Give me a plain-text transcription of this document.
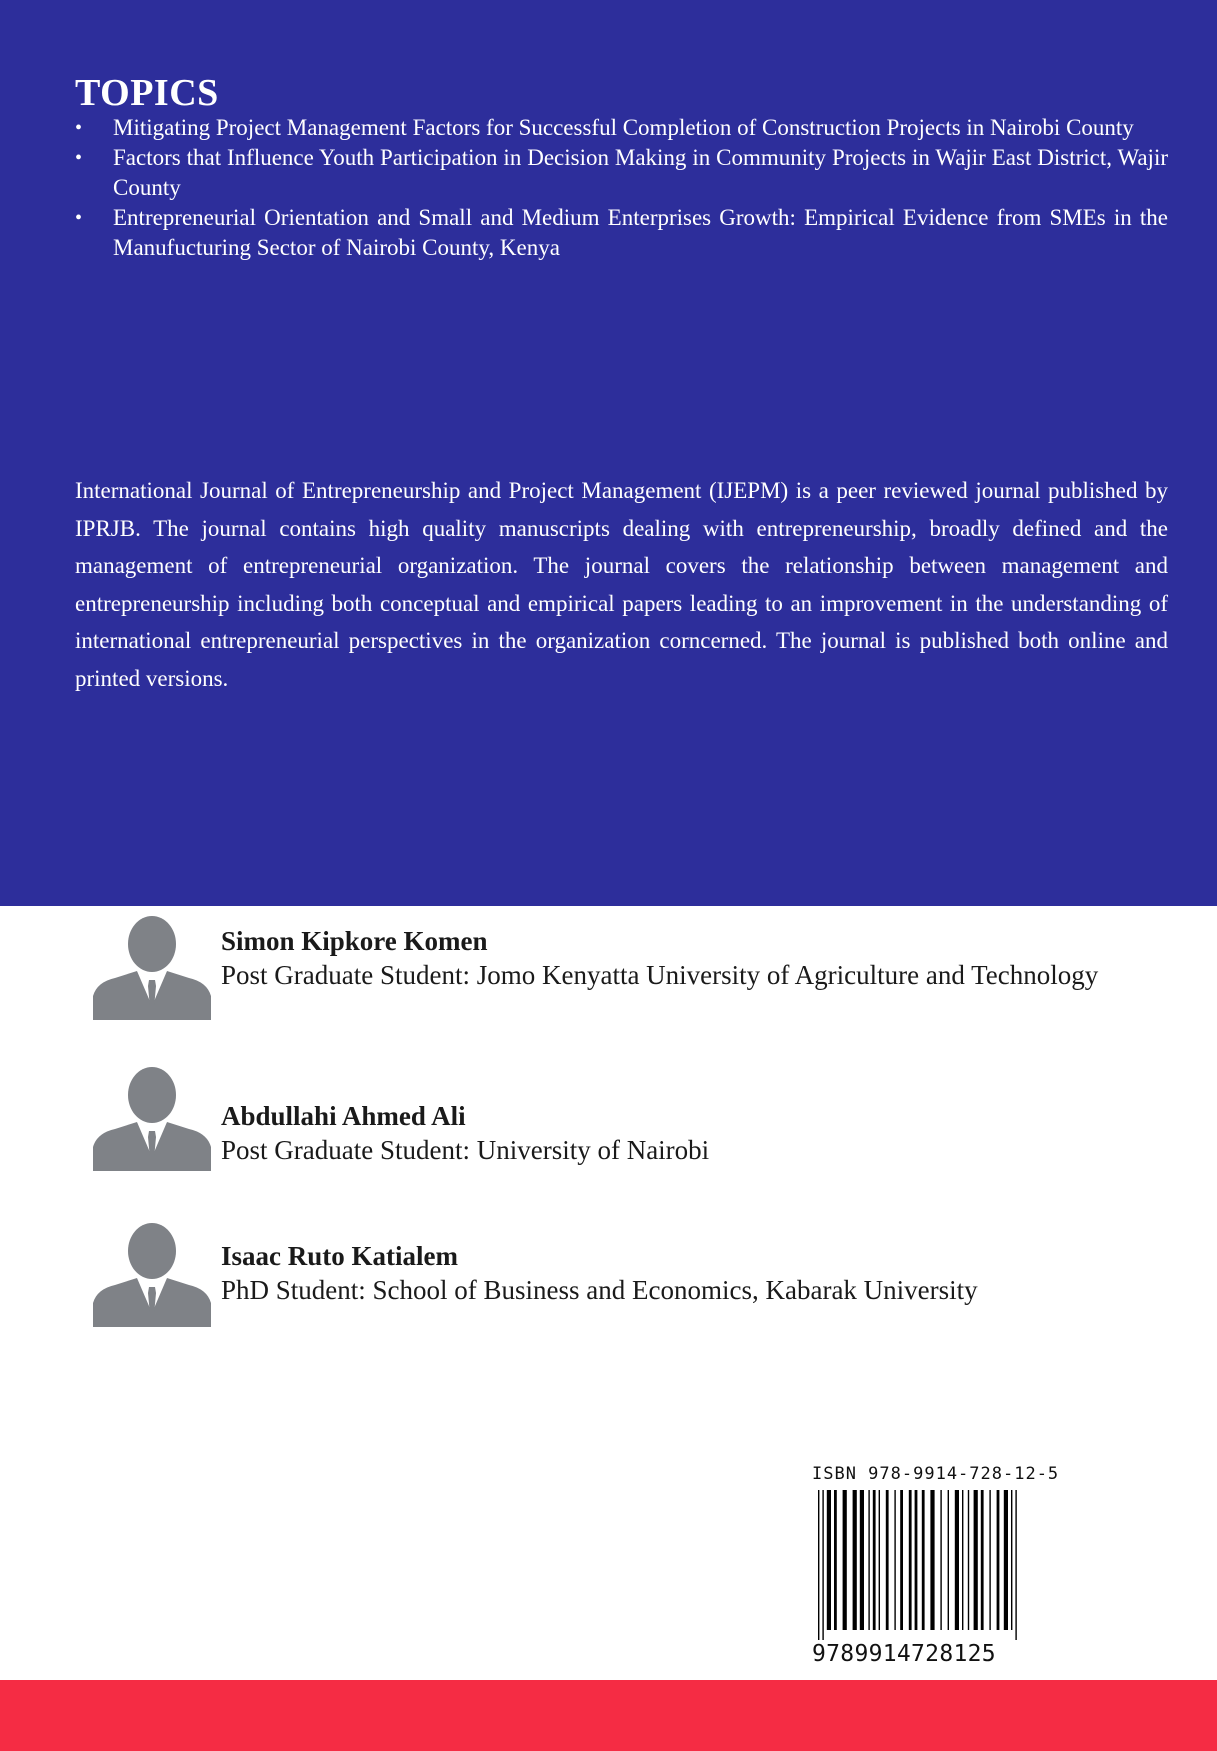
TOPICS
• Mitigating Project Management Factors for Successful Completion of Construction Projects in Nairobi County
• Factors that Influence Youth Participation in Decision Making in Community Projects in Wajir East District, Wajir County
• Entrepreneurial Orientation and Small and Medium Enterprises Growth: Empirical Evidence from SMEs in the Manufucturing Sector of Nairobi County, Kenya

International Journal of Entrepreneurship and Project Management (IJEPM) is a peer reviewed journal published by IPRJB. The journal contains high quality manuscripts dealing with entrepreneurship, broadly defined and the management of entrepreneurial organization. The journal covers the relationship between management and entrepreneurship including both conceptual and empirical papers leading to an improvement in the understanding of international entrepreneurial perspectives in the organization corncerned. The journal is published both online and printed versions.

Simon Kipkore Komen
Post Graduate Student: Jomo Kenyatta University of Agriculture and Technology
Abdullahi Ahmed Ali
Post Graduate Student: University of Nairobi
Isaac Ruto Katialem
PhD Student: School of Business and Economics, Kabarak University
ISBN 978-9914-728-12-5
9789914728125
